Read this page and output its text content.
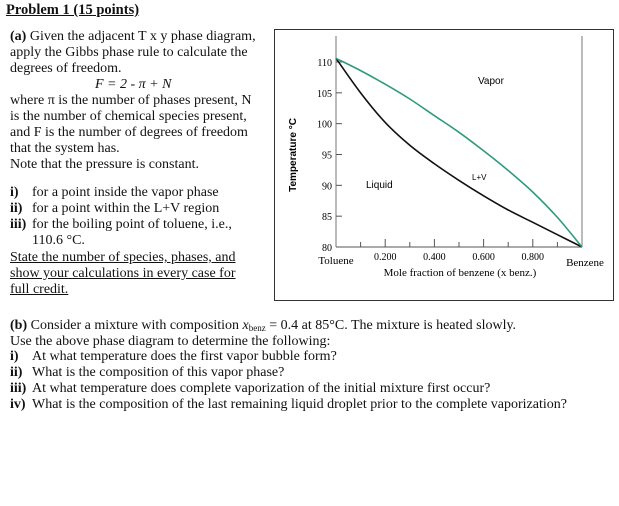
Problem 1 (15 points)
(a) Given the adjacent T x y phase diagram,
apply the Gibbs phase rule to calculate the
degrees of freedom.
F = 2 - π + N
where π is the number of phases present, N
is the number of chemical species present,
and F is the number of degrees of freedom
that the system has.
Note that the pressure is constant.
i) for a point inside the vapor phase
ii) for a point within the L+V region
iii) for the boiling point of toluene, i.e.,
110.6 °C.
State the number of species, phases, and
show your calculations in every case for
full credit.
110
105
100
95
90
85
80
0.200	0.400	0.600	0.800
Temperature °C
Mole fraction of benzene (x benz.)
Toluene	Benzene
Vapor
L+V
Liquid
(b) Consider a mixture with composition $x_{benz} = 0.4$ at 85°C. The mixture is heated slowly.
Use the above phase diagram to determine the following:
i) At what temperature does the first vapor bubble form?
ii) What is the composition of this vapor phase?
iii) At what temperature does complete vaporization of the initial mixture first occur?
iv) What is the composition of the last remaining liquid droplet prior to the complete vaporization?
